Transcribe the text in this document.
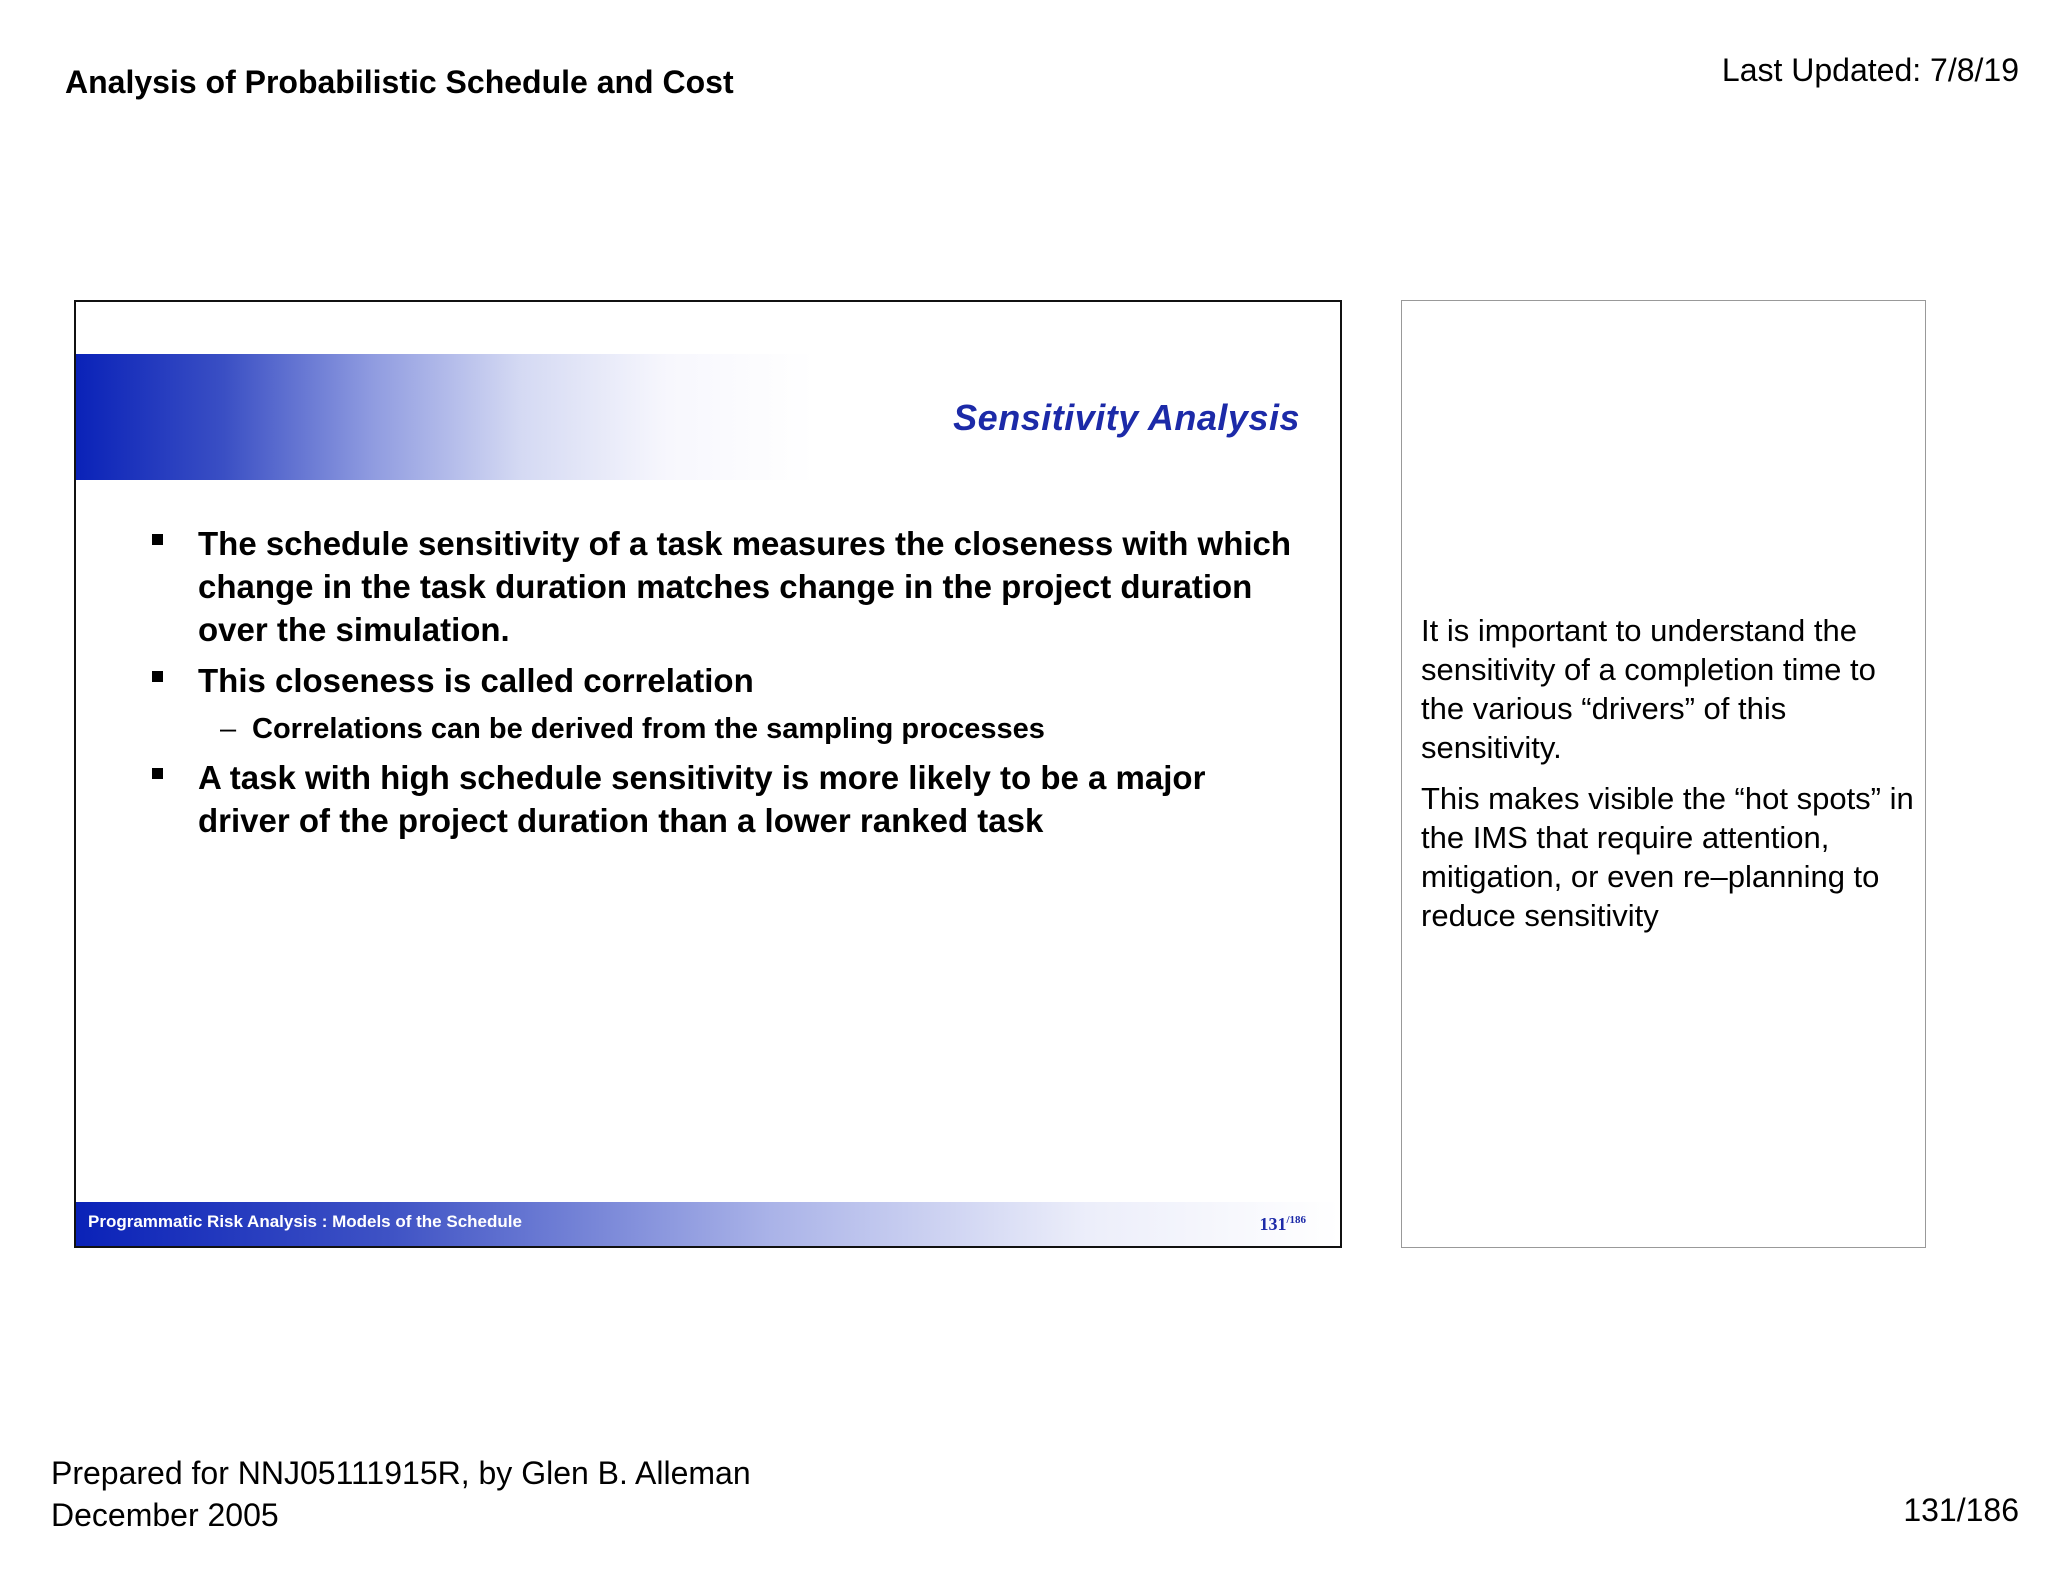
Analysis of Probabilistic Schedule and Cost	Last Updated: 7/8/19
Sensitivity Analysis
The schedule sensitivity of a task measures the closeness with which change in the task duration matches change in the project duration over the simulation.
This closeness is called correlation
– Correlations can be derived from the sampling processes
A task with high schedule sensitivity is more likely to be a major driver of the project duration than a lower ranked task
Programmatic Risk Analysis : Models of the Schedule	$131^{/186}$

It is important to understand the sensitivity of a completion time to the various “drivers” of this sensitivity.

This makes visible the “hot spots” in the IMS that require attention, mitigation, or even re–planning to reduce sensitivity

Prepared for NNJ05111915R, by Glen B. Alleman
December 2005	131/186
